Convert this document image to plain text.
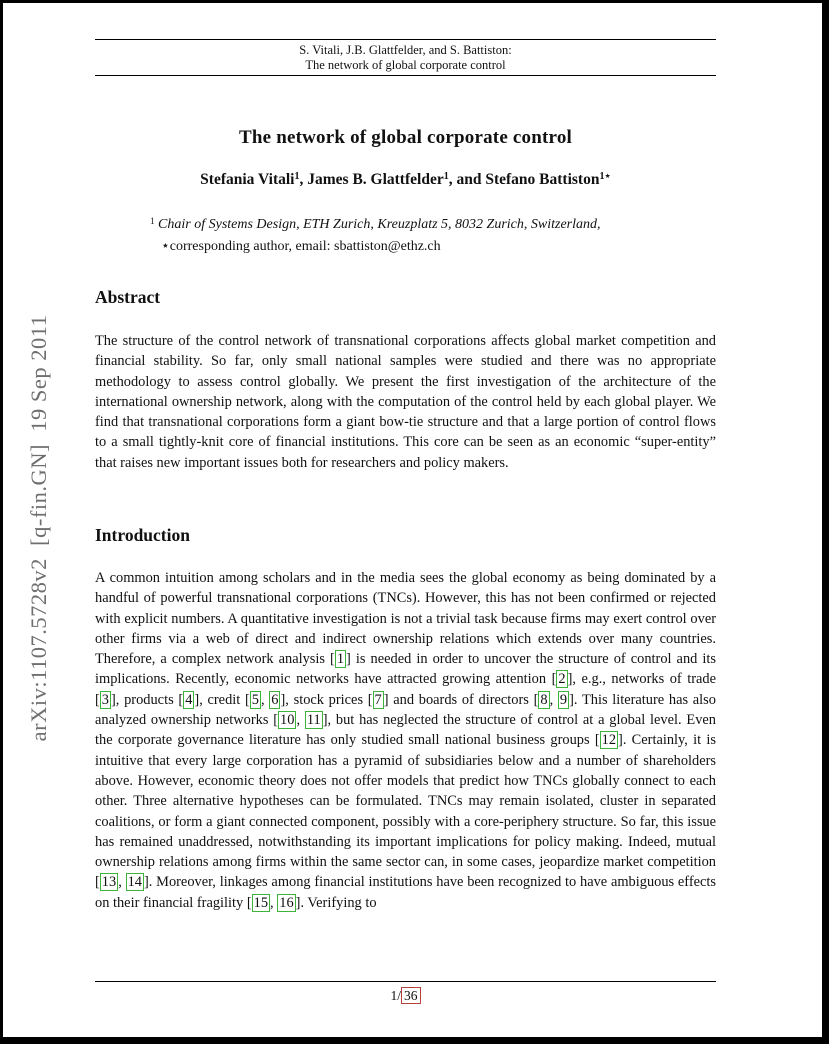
arXiv:1107.5728v2  [q-fin.GN]  19 Sep 2011
S. Vitali, J.B. Glattfelder, and S. Battiston:
The network of global corporate control
The network of global corporate control
Stefania Vitali$^1$, James B. Glattfelder$^1$, and Stefano Battiston$^{1⋆}$
$^1$ Chair of Systems Design, ETH Zurich, Kreuzplatz 5, 8032 Zurich, Switzerland,
⋆corresponding author, email: sbattiston@ethz.ch
Abstract

The structure of the control network of transnational corporations affects global market competition and financial stability. So far, only small national samples were studied and there was no appropriate methodology to assess control globally. We present the first investigation of the architecture of the international ownership network, along with the computation of the control held by each global player. We find that transnational corporations form a giant bow-tie structure and that a large portion of control flows to a small tightly-knit core of financial institutions. This core can be seen as an economic “super-entity” that raises new important issues both for researchers and policy makers.

Introduction

A common intuition among scholars and in the media sees the global economy as being dominated by a handful of powerful transnational corporations (TNCs). However, this has not been confirmed or rejected with explicit numbers. A quantitative investigation is not a trivial task because firms may exert control over other firms via a web of direct and indirect ownership relations which extends over many countries. Therefore, a complex network analysis [ 1 ] is needed in order to uncover the structure of control and its implications. Recently, economic networks have attracted growing attention [ 2 ], e.g., networks of trade [ 3 ], products [ 4 ], credit [ 5 , 6 ], stock prices [ 7 ] and boards of directors [ 8 , 9 ]. This literature has also analyzed ownership networks [ 10 , 11 ], but has neglected the structure of control at a global level. Even the corporate governance literature has only studied small national business groups [ 12 ]. Certainly, it is intuitive that every large corporation has a pyramid of subsidiaries below and a number of shareholders above. However, economic theory does not offer models that predict how TNCs globally connect to each other. Three alternative hypotheses can be formulated. TNCs may remain isolated, cluster in separated coalitions, or form a giant connected component, possibly with a core-periphery structure. So far, this issue has remained unaddressed, notwithstanding its important implications for policy making. Indeed, mutual ownership relations among firms within the same sector can, in some cases, jeopardize market competition [ 13 , 14 ]. Moreover, linkages among financial institutions have been recognized to have ambiguous effects on their financial fragility [ 15 , 16 ]. Verifying to

1/ 36
